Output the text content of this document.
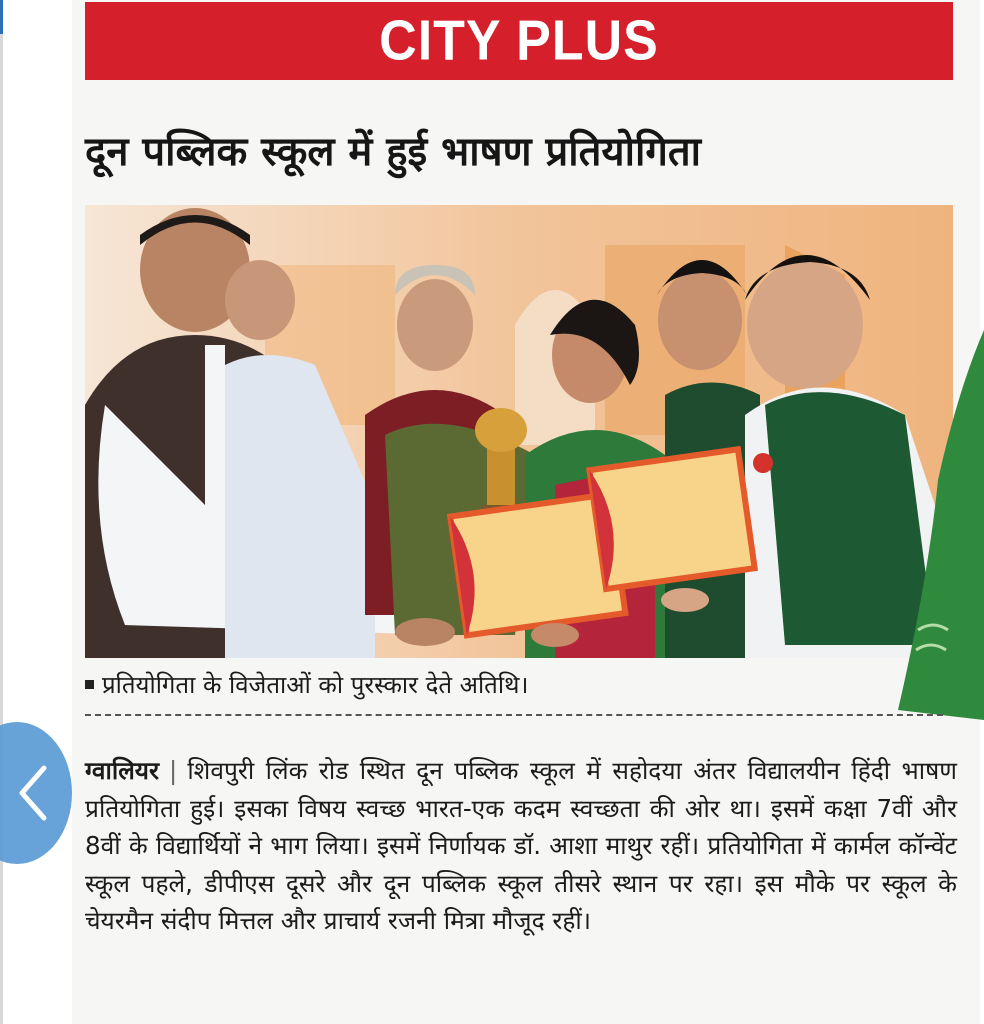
CITY PLUS
दून पब्लिक स्कूल में हुई भाषण प्रतियोगिता
प्रतियोगिता के विजेताओं को पुरस्कार देते अतिथि।
ग्वालियर | शिवपुरी लिंक रोड स्थित दून पब्लिक स्कूल में सहोदया अंतर विद्यालयीन हिंदी भाषण प्रतियोगिता हुई। इसका विषय स्वच्छ भारत-एक कदम स्वच्छता की ओर था। इसमें कक्षा 7वीं और 8वीं के विद्यार्थियों ने भाग लिया। इसमें निर्णायक डॉ. आशा माथुर रहीं। प्रतियोगिता में कार्मल कॉन्वेंट स्कूल पहले, डीपीएस दूसरे और दून पब्लिक स्कूल तीसरे स्थान पर रहा। इस मौके पर स्कूल के चेयरमैन संदीप मित्तल और प्राचार्य रजनी मित्रा मौजूद रहीं।
